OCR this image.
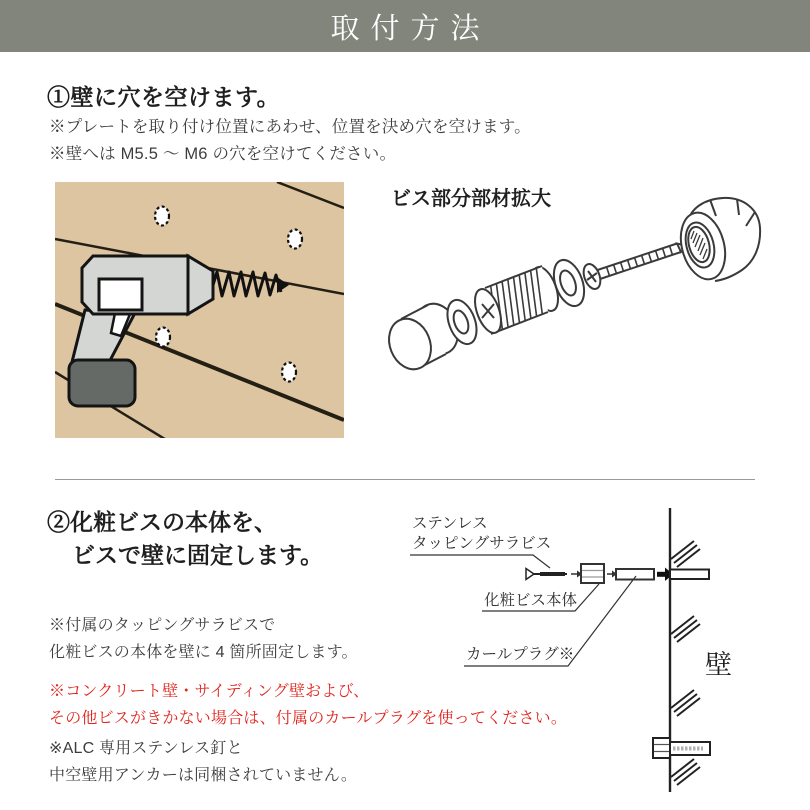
取付方法
①壁に穴を空けます。
※プレートを取り付け位置にあわせ、位置を決め穴を空けます。
※壁へは M5.5 ～ M6 の穴を空けてください。
ビス部分部材拡大
②化粧ビスの本体を、
ビスで壁に固定します。
ステンレス
タッピングサラビス
化粧ビス本体
カールプラグ※	壁
※付属のタッピングサラビスで
化粧ビスの本体を壁に 4 箇所固定します。
※コンクリート壁・サイディング壁および、
その他ビスがきかない場合は、付属のカールプラグを使ってください。
※ALC 専用ステンレス釘と
中空壁用アンカーは同梱されていません。
